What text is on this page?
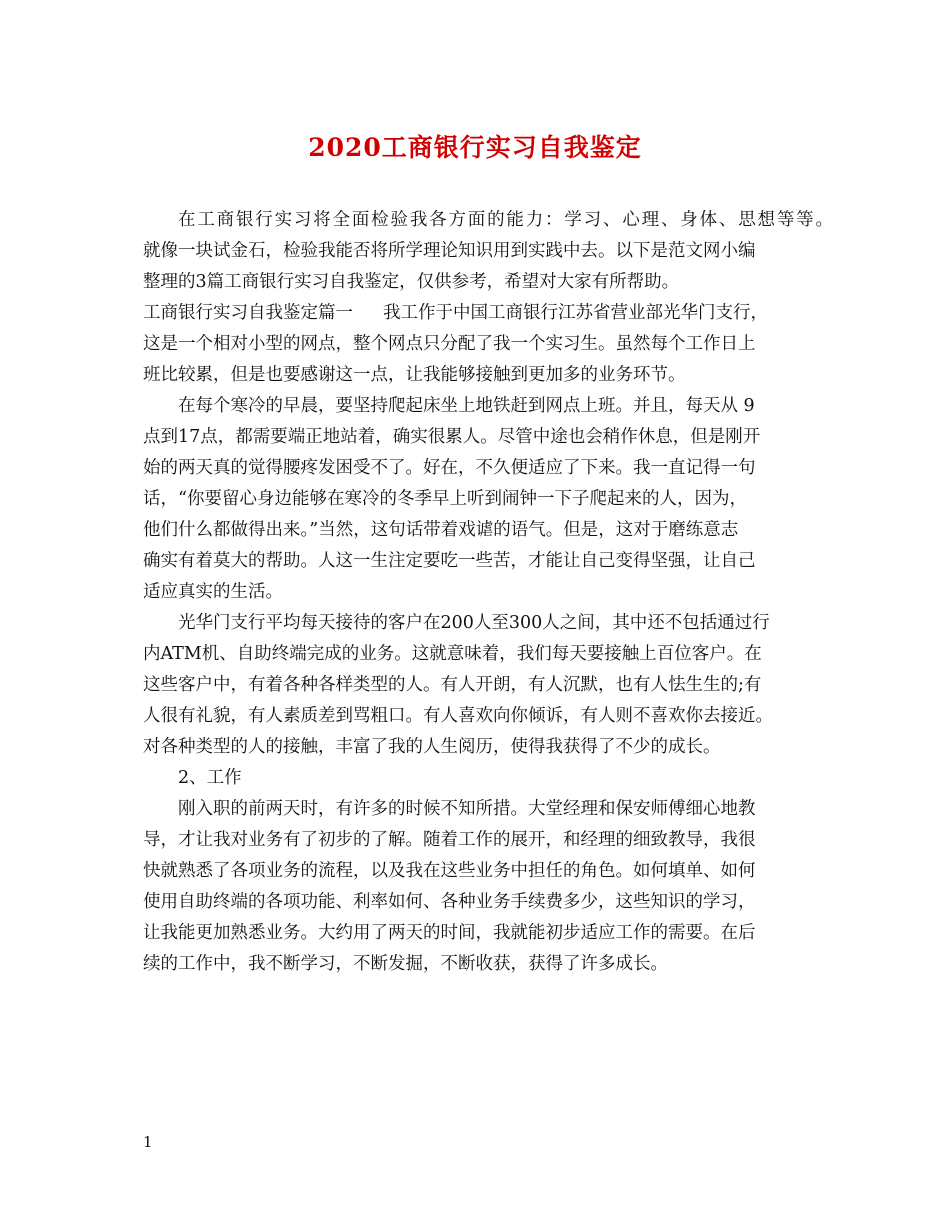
2020工商银行实习自我鉴定
在工商银行实习将全面检验我各方面的能力：学习、心理、身体、思想等等。
就像一块试金石，检验我能否将所学理论知识用到实践中去。以下是范文网小编
整理的3篇工商银行实习自我鉴定，仅供参考，希望对大家有所帮助。
工商银行实习自我鉴定篇一 我工作于中国工商银行江苏省营业部光华门支行，
这是一个相对小型的网点，整个网点只分配了我一个实习生。虽然每个工作日上
班比较累，但是也要感谢这一点，让我能够接触到更加多的业务环节。
在每个寒冷的早晨，要坚持爬起床坐上地铁赶到网点上班。并且，每天从 9
点到17点，都需要端正地站着，确实很累人。尽管中途也会稍作休息，但是刚开
始的两天真的觉得腰疼发困受不了。好在，不久便适应了下来。我一直记得一句
话，“你要留心身边能够在寒冷的冬季早上听到闹钟一下子爬起来的人，因为，
他们什么都做得出来。”当然，这句话带着戏谑的语气。但是，这对于磨练意志
确实有着莫大的帮助。人这一生注定要吃一些苦，才能让自己变得坚强，让自己
适应真实的生活。
光华门支行平均每天接待的客户在200人至300人之间，其中还不包括通过行
内ATM机、自助终端完成的业务。这就意味着，我们每天要接触上百位客户。在
这些客户中，有着各种各样类型的人。有人开朗，有人沉默，也有人怯生生的;有
人很有礼貌，有人素质差到骂粗口。有人喜欢向你倾诉，有人则不喜欢你去接近。
对各种类型的人的接触，丰富了我的人生阅历，使得我获得了不少的成长。
2、工作
刚入职的前两天时，有许多的时候不知所措。大堂经理和保安师傅细心地教
导，才让我对业务有了初步的了解。随着工作的展开，和经理的细致教导，我很
快就熟悉了各项业务的流程，以及我在这些业务中担任的角色。如何填单、如何
使用自助终端的各项功能、利率如何、各种业务手续费多少，这些知识的学习，
让我能更加熟悉业务。大约用了两天的时间，我就能初步适应工作的需要。在后
续的工作中，我不断学习，不断发掘，不断收获，获得了许多成长。
1
